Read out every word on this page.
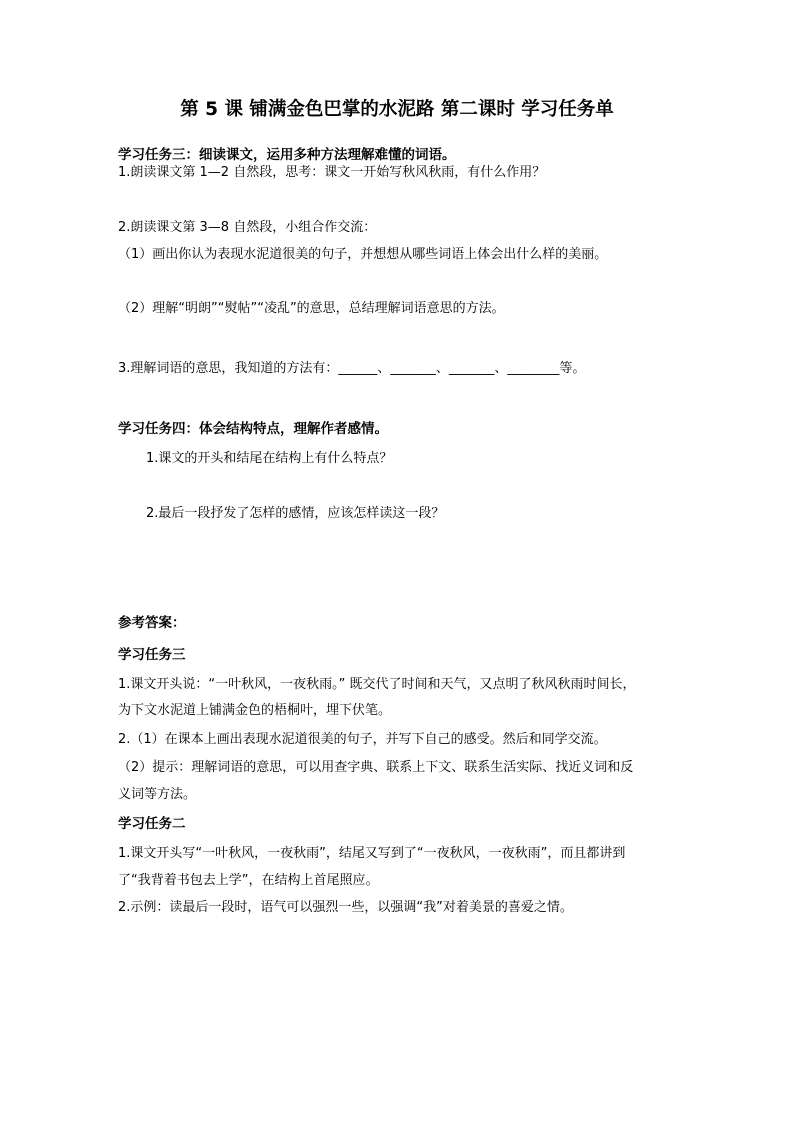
第 5 课 铺满金色巴掌的水泥路 第二课时 学习任务单
学习任务三：细读课文，运用多种方法理解难懂的词语。
1.朗读课文第 1—2 自然段，思考：课文一开始写秋风秋雨，有什么作用？
2.朗读课文第 3—8 自然段，小组合作交流：
（1）画出你认为表现水泥道很美的句子，并想想从哪些词语上体会出什么样的美丽。
（2）理解“明朗”“熨帖”“凌乱”的意思，总结理解词语意思的方法。
3.理解词语的意思，我知道的方法有：______、_______、_______、________等。
学习任务四：体会结构特点，理解作者感情。
1.课文的开头和结尾在结构上有什么特点？
2.最后一段抒发了怎样的感情，应该怎样读这一段？
参考答案：
学习任务三
1.课文开头说：“一叶秋风，一夜秋雨。” 既交代了时间和天气，又点明了秋风秋雨时间长，
为下文水泥道上铺满金色的梧桐叶，埋下伏笔。
2.（1）在课本上画出表现水泥道很美的句子，并写下自己的感受。然后和同学交流。
（2）提示：理解词语的意思，可以用查字典、联系上下文、联系生活实际、找近义词和反
义词等方法。
学习任务二
1.课文开头写“一叶秋风，一夜秋雨”，结尾又写到了“一夜秋风，一夜秋雨”，而且都讲到
了“我背着书包去上学”，在结构上首尾照应。
2.示例：读最后一段时，语气可以强烈一些，以强调“我”对着美景的喜爱之情。
